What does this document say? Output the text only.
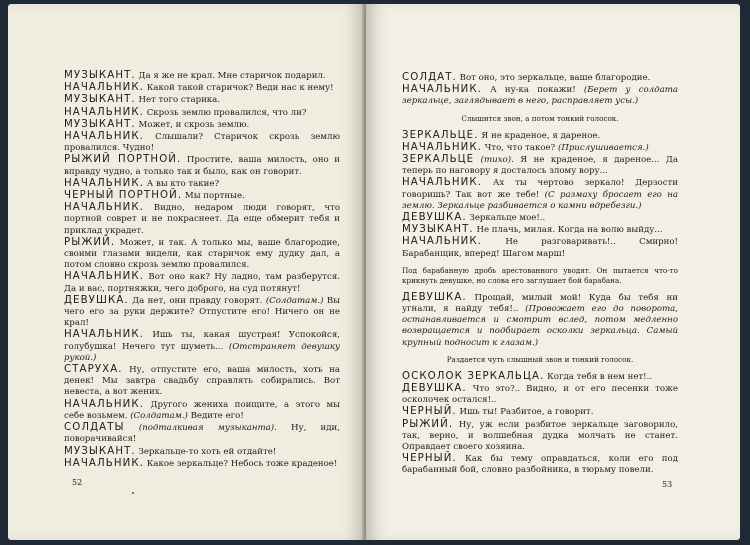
МУЗЫКАНТ. Да я же не крал. Мне старичок подарил.

НАЧАЛЬНИК. Какой такой старичок? Веди нас к нему!

МУЗЫКАНТ. Нет того старика.

НАЧАЛЬНИК. Скрозь землю провалился, что ли?

МУЗЫКАНТ. Может, и скрозь землю.

НАЧАЛЬНИК. Слышали? Старичок скрозь землю провалился. Чудно!

РЫЖИЙ ПОРТНОЙ. Простите, ваша милость, оно и вправду чудно, а только так и было, как он говорит.

НАЧАЛЬНИК. А вы кто такие?

ЧЕРНЫЙ ПОРТНОЙ. Мы портные.

НАЧАЛЬНИК. Видно, недаром люди говорят, что портной соврет и не покраснеет. Да еще обмерит тебя и приклад украдет.

РЫЖИЙ. Может, и так. А только мы, ваше благородие, своими глазами видели, как старичок ему дудку дал, а потом словно скрозь землю провалился.

НАЧАЛЬНИК. Вот оно как? Ну ладно, там разберутся. Да и вас, портняжки, чего доброго, на суд потянут!

ДЕВУШКА. Да нет, они правду говорят. (Солдатам.) Вы чего его за руки держите? Отпустите его! Ничего он не крал!

НАЧАЛЬНИК. Ишь ты, какая шустрая! Успокойся, голубушка! Нечего тут шуметь... (Отстраняет девушку рукой.)

СТАРУХА. Ну, отпустите его, ваша милость, хоть на денек! Мы завтра свадьбу справлять собирались. Вот невеста, а вот жених.

НАЧАЛЬНИК. Другого жениха поищите, а этого мы себе возьмем. (Солдатам.) Ведите его!

СОЛДАТЫ (подталкивая музыканта). Ну, иди, поворачивайся!

МУЗЫКАНТ. Зеркальце-то хоть ей отдайте!

НАЧАЛЬНИК. Какое зеркальце? Небось тоже краденое!

52

СОЛДАТ. Вот оно, это зеркальце, ваше благородие.

НАЧАЛЬНИК. А ну-ка покажи! (Берет у солдата зеркальце, заглядывает в него, расправляет усы.)

Слышится звон, а потом тонкий голосок.

ЗЕРКАЛЬЦЕ. Я не краденое, я дареное.

НАЧАЛЬНИК. Что, что такое? (Прислушивается.)

ЗЕРКАЛЬЦЕ (тихо). Я не краденое, я дареное... Да теперь по наговору я досталось злому вору...

НАЧАЛЬНИК. Ах ты чертово зеркало! Дерзости говоришь? Так вот же тебе! (С размаху бросает его на землю. Зеркальце разбивается о камни вдребезги.)

ДЕВУШКА. Зеркальце мое!..

МУЗЫКАНТ. Не плачь, милая. Когда на волю выйду...

НАЧАЛЬНИК.	Не разговаривать!.. Смирно! Барабанщик, вперед! Шагом марш!

Под барабанную дробь арестованного уводят. Он пытается что-то крикнуть девушке, но слова его заглушает бой барабана.

ДЕВУШКА. Прощай, милый мой! Куда бы тебя ни угнали, я найду тебя!.. (Провожает его до поворота, останавливается и смотрит вслед, потом медленно возвращается и подбирает осколки зеркальца. Самый крупный подносит к глазам.)

Раздается чуть слышный звон и тонкий голосок.

ОСКОЛОК ЗЕРКАЛЬЦА. Когда тебя в нем нет!..

ДЕВУШКА. Что это?.. Видно, и от его песенки тоже осколочек остался!..

ЧЕРНЫЙ. Ишь ты! Разбитое, а говорит.

РЫЖИЙ. Ну, уж если разбитое зеркальце заговорило, так, верно, и волшебная дудка молчать не станет. Оправдает своего хозяина.

ЧЕРНЫЙ. Как бы тему оправдаться, коли его под барабанный бой, словно разбойника, в тюрьму повели.

53
